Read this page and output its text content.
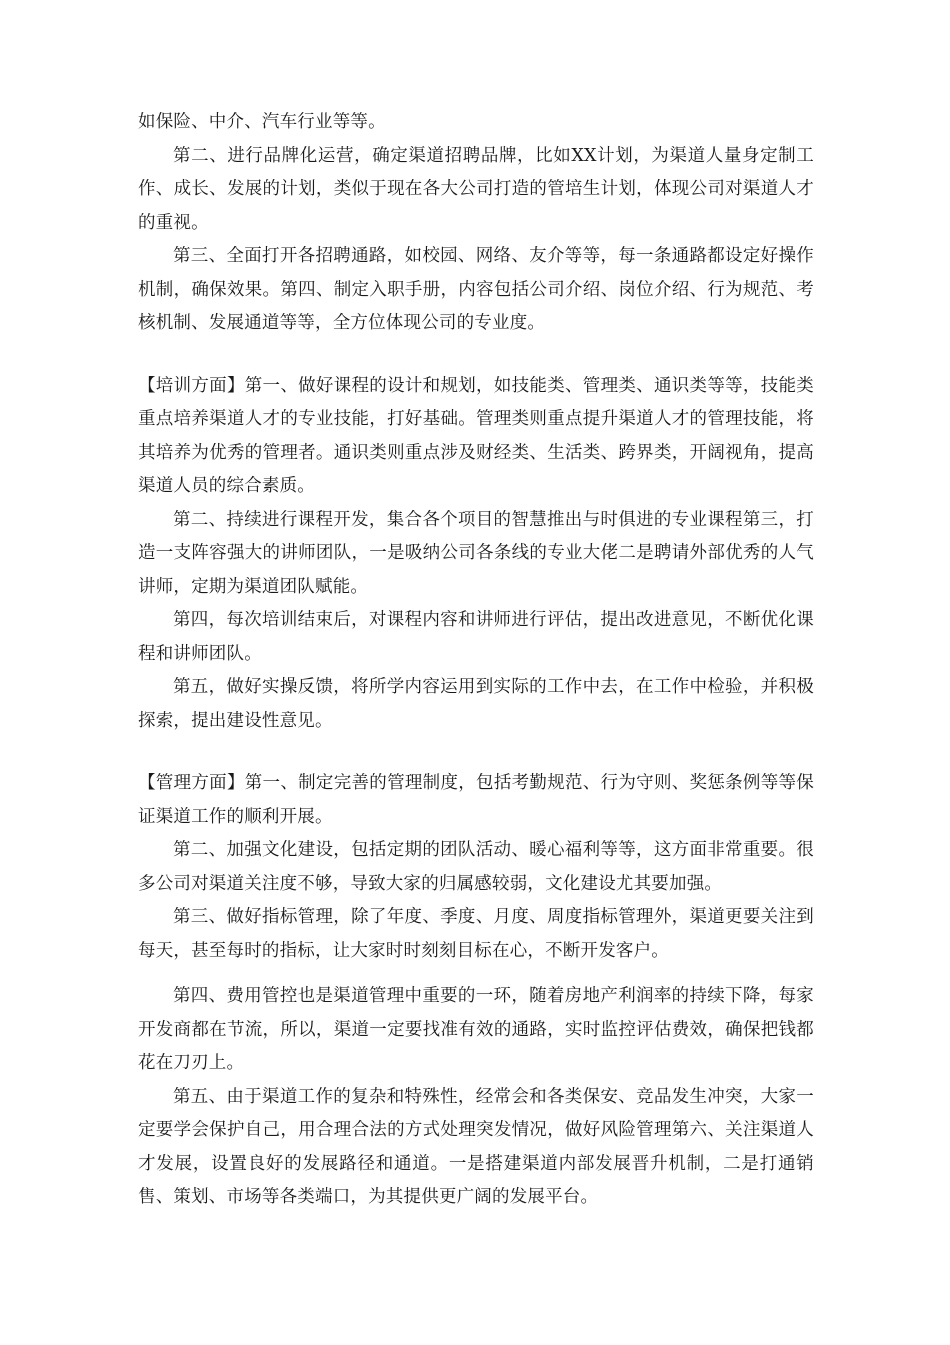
如保险、中介、汽车行业等等。

第二、进行品牌化运营，确定渠道招聘品牌，比如XX计划，为渠道人量身定制工作、成长、发展的计划，类似于现在各大公司打造的管培生计划，体现公司对渠道人才的重视。

第三、全面打开各招聘通路，如校园、网络、友介等等，每一条通路都设定好操作机制，确保效果。第四、制定入职手册，内容包括公司介绍、岗位介绍、行为规范、考核机制、发展通道等等，全方位体现公司的专业度。

【培训方面】第一、做好课程的设计和规划，如技能类、管理类、通识类等等，技能类重点培养渠道人才的专业技能，打好基础。管理类则重点提升渠道人才的管理技能，将其培养为优秀的管理者。通识类则重点涉及财经类、生活类、跨界类，开阔视角，提高渠道人员的综合素质。

第二、持续进行课程开发，集合各个项目的智慧推出与时俱进的专业课程第三，打造一支阵容强大的讲师团队，一是吸纳公司各条线的专业大佬二是聘请外部优秀的人气讲师，定期为渠道团队赋能。

第四，每次培训结束后，对课程内容和讲师进行评估，提出改进意见，不断优化课程和讲师团队。

第五，做好实操反馈，将所学内容运用到实际的工作中去，在工作中检验，并积极探索，提出建设性意见。

【管理方面】第一、制定完善的管理制度，包括考勤规范、行为守则、奖惩条例等等保证渠道工作的顺利开展。

第二、加强文化建设，包括定期的团队活动、暖心福利等等，这方面非常重要。很多公司对渠道关注度不够，导致大家的归属感较弱，文化建设尤其要加强。

第三、做好指标管理，除了年度、季度、月度、周度指标管理外，渠道更要关注到每天，甚至每时的指标，让大家时时刻刻目标在心，不断开发客户。

第四、费用管控也是渠道管理中重要的一环，随着房地产利润率的持续下降，每家开发商都在节流，所以，渠道一定要找准有效的通路，实时监控评估费效，确保把钱都花在刀刃上。

第五、由于渠道工作的复杂和特殊性，经常会和各类保安、竞品发生冲突，大家一定要学会保护自己，用合理合法的方式处理突发情况，做好风险管理第六、关注渠道人才发展，设置良好的发展路径和通道。一是搭建渠道内部发展晋升机制，二是打通销售、策划、市场等各类端口，为其提供更广阔的发展平台。
